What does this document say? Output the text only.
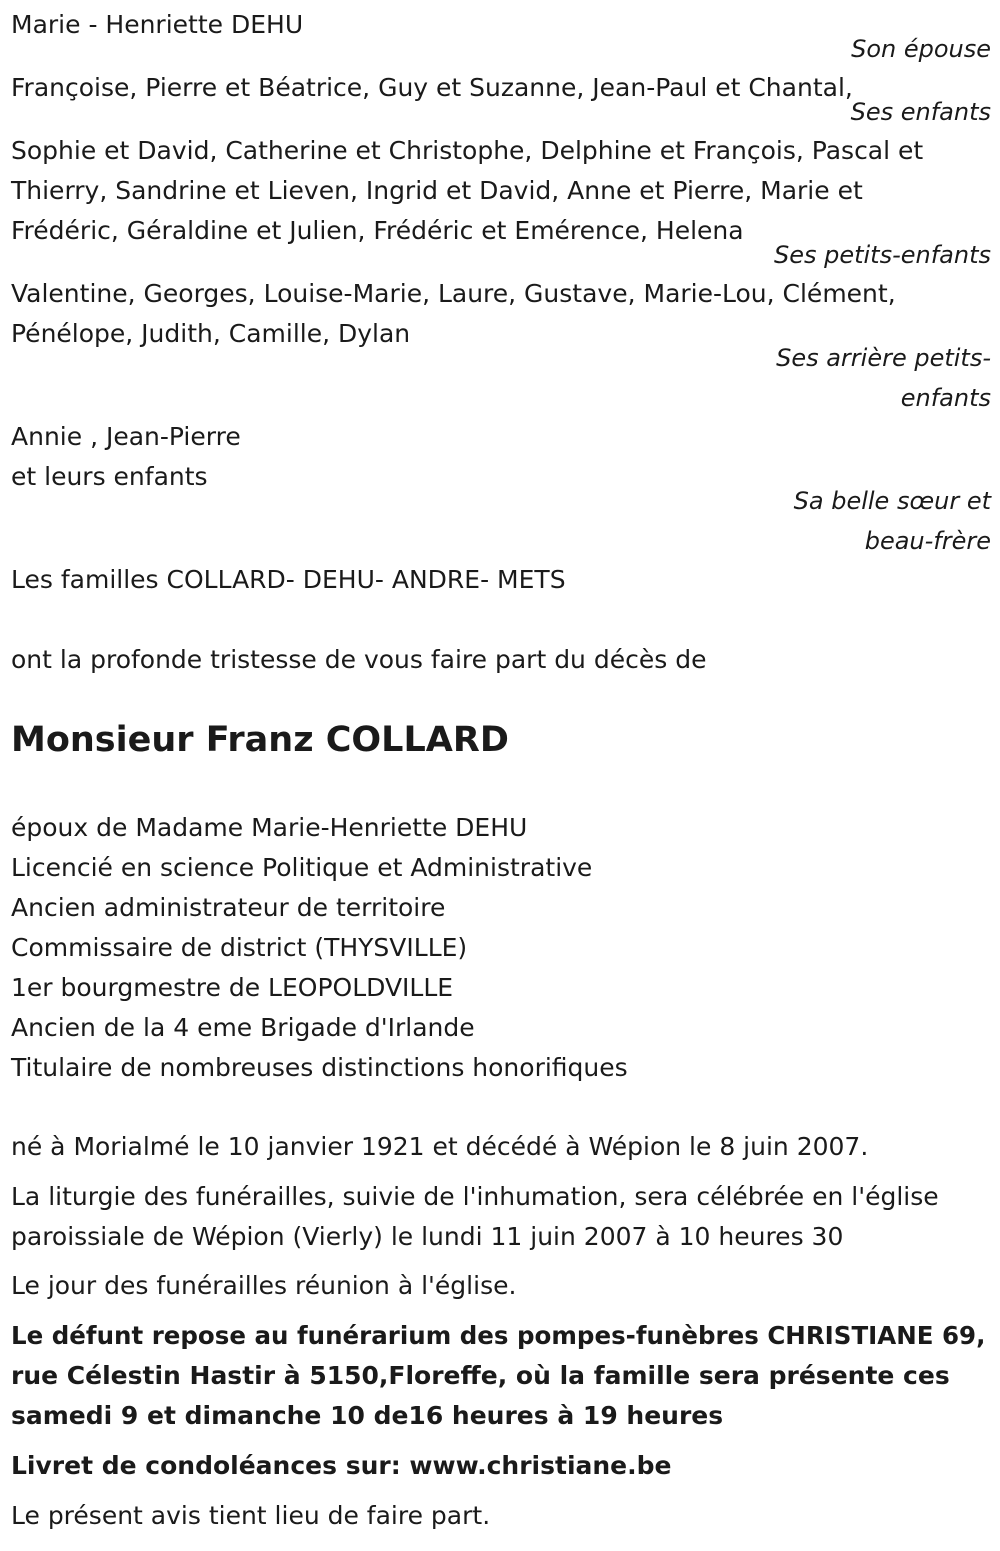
Marie - Henriette DEHU
Son épouse
Françoise, Pierre et Béatrice, Guy et Suzanne, Jean-Paul et Chantal,
Ses enfants
Sophie et David, Catherine et Christophe, Delphine et François, Pascal et
Thierry, Sandrine et Lieven, Ingrid et David, Anne et Pierre, Marie et
Frédéric, Géraldine et Julien, Frédéric et Emérence, Helena
Ses petits-enfants
Valentine, Georges, Louise-Marie, Laure, Gustave, Marie-Lou, Clément,
Pénélope, Judith, Camille, Dylan
Ses arrière petits-
enfants
Annie , Jean-Pierre
et leurs enfants
Sa belle sœur et
beau-frère
Les familles COLLARD- DEHU- ANDRE- METS
ont la profonde tristesse de vous faire part du décès de
Monsieur Franz COLLARD
époux de Madame Marie-Henriette DEHU
Licencié en science Politique et Administrative
Ancien administrateur de territoire
Commissaire de district (THYSVILLE)
1er bourgmestre de LEOPOLDVILLE
Ancien de la 4 eme Brigade d'Irlande
Titulaire de nombreuses distinctions honorifiques
né à Morialmé le 10 janvier 1921 et décédé à Wépion le 8 juin 2007.
La liturgie des funérailles, suivie de l'inhumation, sera célébrée en l'église
paroissiale de Wépion (Vierly) le lundi 11 juin 2007 à 10 heures 30
Le jour des funérailles réunion à l'église.
Le défunt repose au funérarium des pompes-funèbres CHRISTIANE 69,
rue Célestin Hastir à 5150,Floreffe, où la famille sera présente ces
samedi 9 et dimanche 10 de16 heures à 19 heures
Livret de condoléances sur: www.christiane.be
Le présent avis tient lieu de faire part.
